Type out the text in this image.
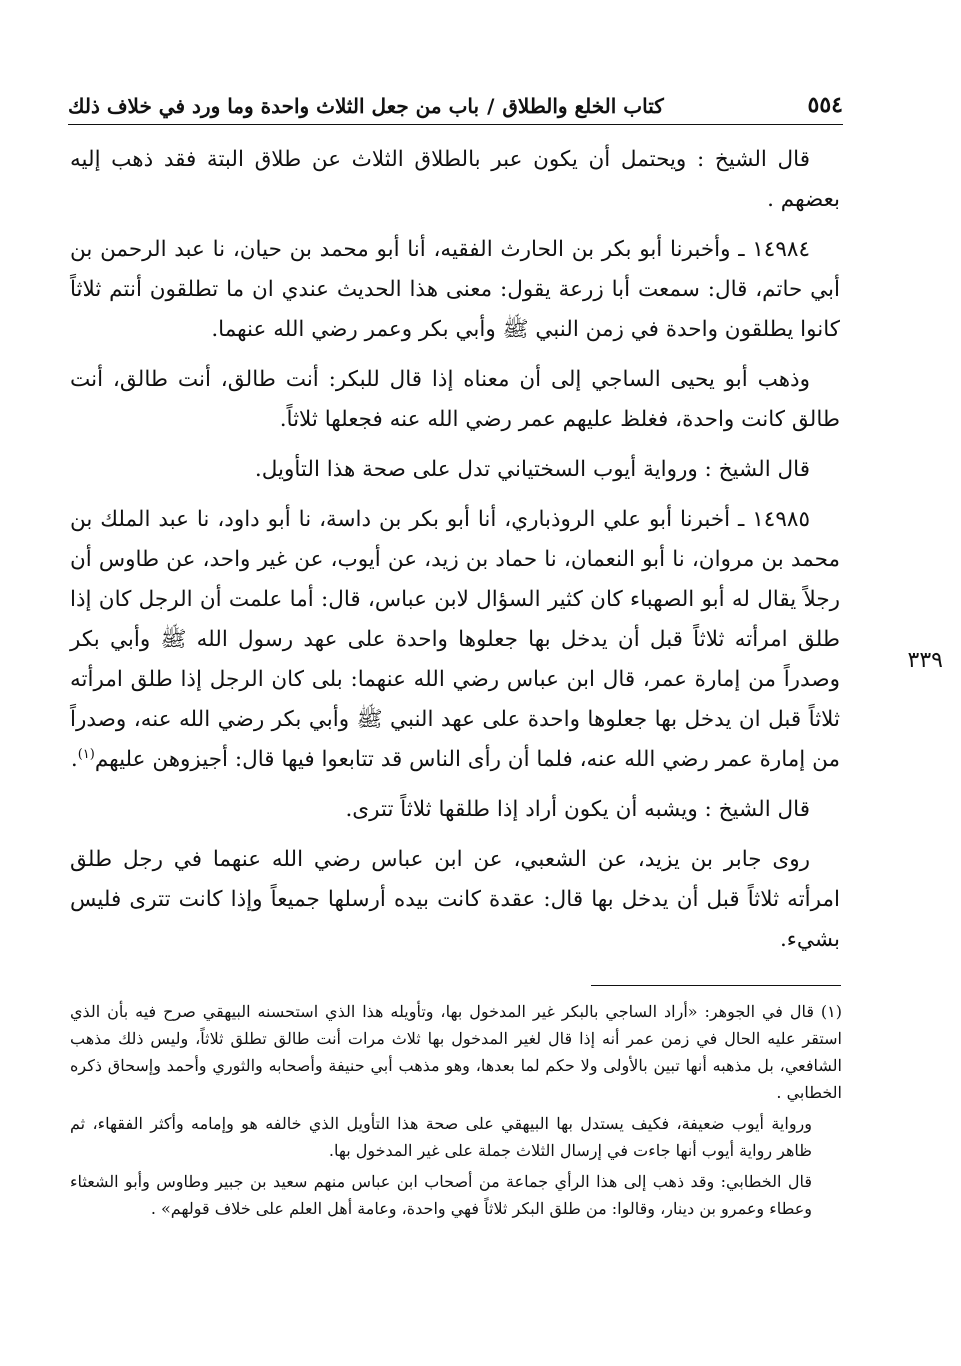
٥٥٤
كتاب الخلع والطلاق
/
باب من جعل الثلاث واحدة وما ورد في خلاف ذلك

قال الشيخ : ويحتمل أن يكون عبر بالطلاق الثلاث عن طلاق البتة فقد ذهب إليه بعضهم .

١٤٩٨٤ ـ وأخبرنا أبو بكر بن الحارث الفقيه، أنا أبو محمد بن حيان، نا عبد الرحمن بن أبي حاتم، قال: سمعت أبا زرعة يقول: معنى هذا الحديث عندي ان ما تطلقون أنتم ثلاثاً كانوا يطلقون واحدة في زمن النبي ﷺ وأبي بكر وعمر رضي الله عنهما.

وذهب أبو يحيى الساجي إلى أن معناه إذا قال للبكر: أنت طالق، أنت طالق، أنت طالق كانت واحدة، فغلظ عليهم عمر رضي الله عنه فجعلها ثلاثاً.

قال الشيخ : ورواية أيوب السختياني تدل على صحة هذا التأويل.

١٤٩٨٥ ـ أخبرنا أبو علي الروذباري، أنا أبو بكر بن داسة، نا أبو داود، نا عبد الملك بن محمد بن مروان، نا أبو النعمان، نا حماد بن زيد، عن أيوب، عن غير واحد، عن طاوس أن رجلاً يقال له أبو الصهباء كان كثير السؤال لابن عباس، قال: أما علمت أن الرجل كان إذا طلق امرأته ثلاثاً قبل أن يدخل بها جعلوها واحدة على عهد رسول الله ﷺ وأبي بكر وصدراً من إمارة عمر، قال ابن عباس رضي الله عنهما: بلى كان الرجل إذا طلق امرأته ثلاثاً قبل ان يدخل بها جعلوها واحدة على عهد النبي ﷺ وأبي بكر رضي الله عنه، وصدراً من إمارة عمر رضي الله عنه، فلما أن رأى الناس قد تتابعوا فيها قال: أجيزوهن عليهم$^{(١)}$.

قال الشيخ : ويشبه أن يكون أراد إذا طلقها ثلاثاً تترى.

روى جابر بن يزيد، عن الشعبي، عن ابن عباس رضي الله عنهما في رجل طلق امرأته ثلاثاً قبل أن يدخل بها قال: عقدة كانت بيده أرسلها جميعاً وإذا كانت تترى فليس بشيء.

٣٣٩

(١) قال في الجوهر: «أراد الساجي بالبكر غير المدخول بها، وتأويله هذا الذي استحسنه البيهقي صرح فيه بأن الذي استقر عليه الحال في زمن عمر أنه إذا قال لغير المدخول بها ثلاث مرات أنت طالق تطلق ثلاثاً، وليس ذلك مذهب الشافعي، بل مذهبه أنها تبين بالأولى ولا حكم لما بعدها، وهو مذهب أبي حنيفة وأصحابه والثوري وأحمد وإسحاق ذكره الخطابي .

ورواية أيوب ضعيفة، فكيف يستدل بها البيهقي على صحة هذا التأويل الذي خالفه هو وإمامه وأكثر الفقهاء، ثم ظاهر رواية أيوب أنها جاءت في إرسال الثلاث جملة على غير المدخول بها.

قال الخطابي: وقد ذهب إلى هذا الرأي جماعة من أصحاب ابن عباس منهم سعيد بن جبير وطاوس وأبو الشعثاء وعطاء وعمرو بن دينار، وقالوا: من طلق البكر ثلاثاً فهي واحدة، وعامة أهل العلم على خلاف قولهم» .
